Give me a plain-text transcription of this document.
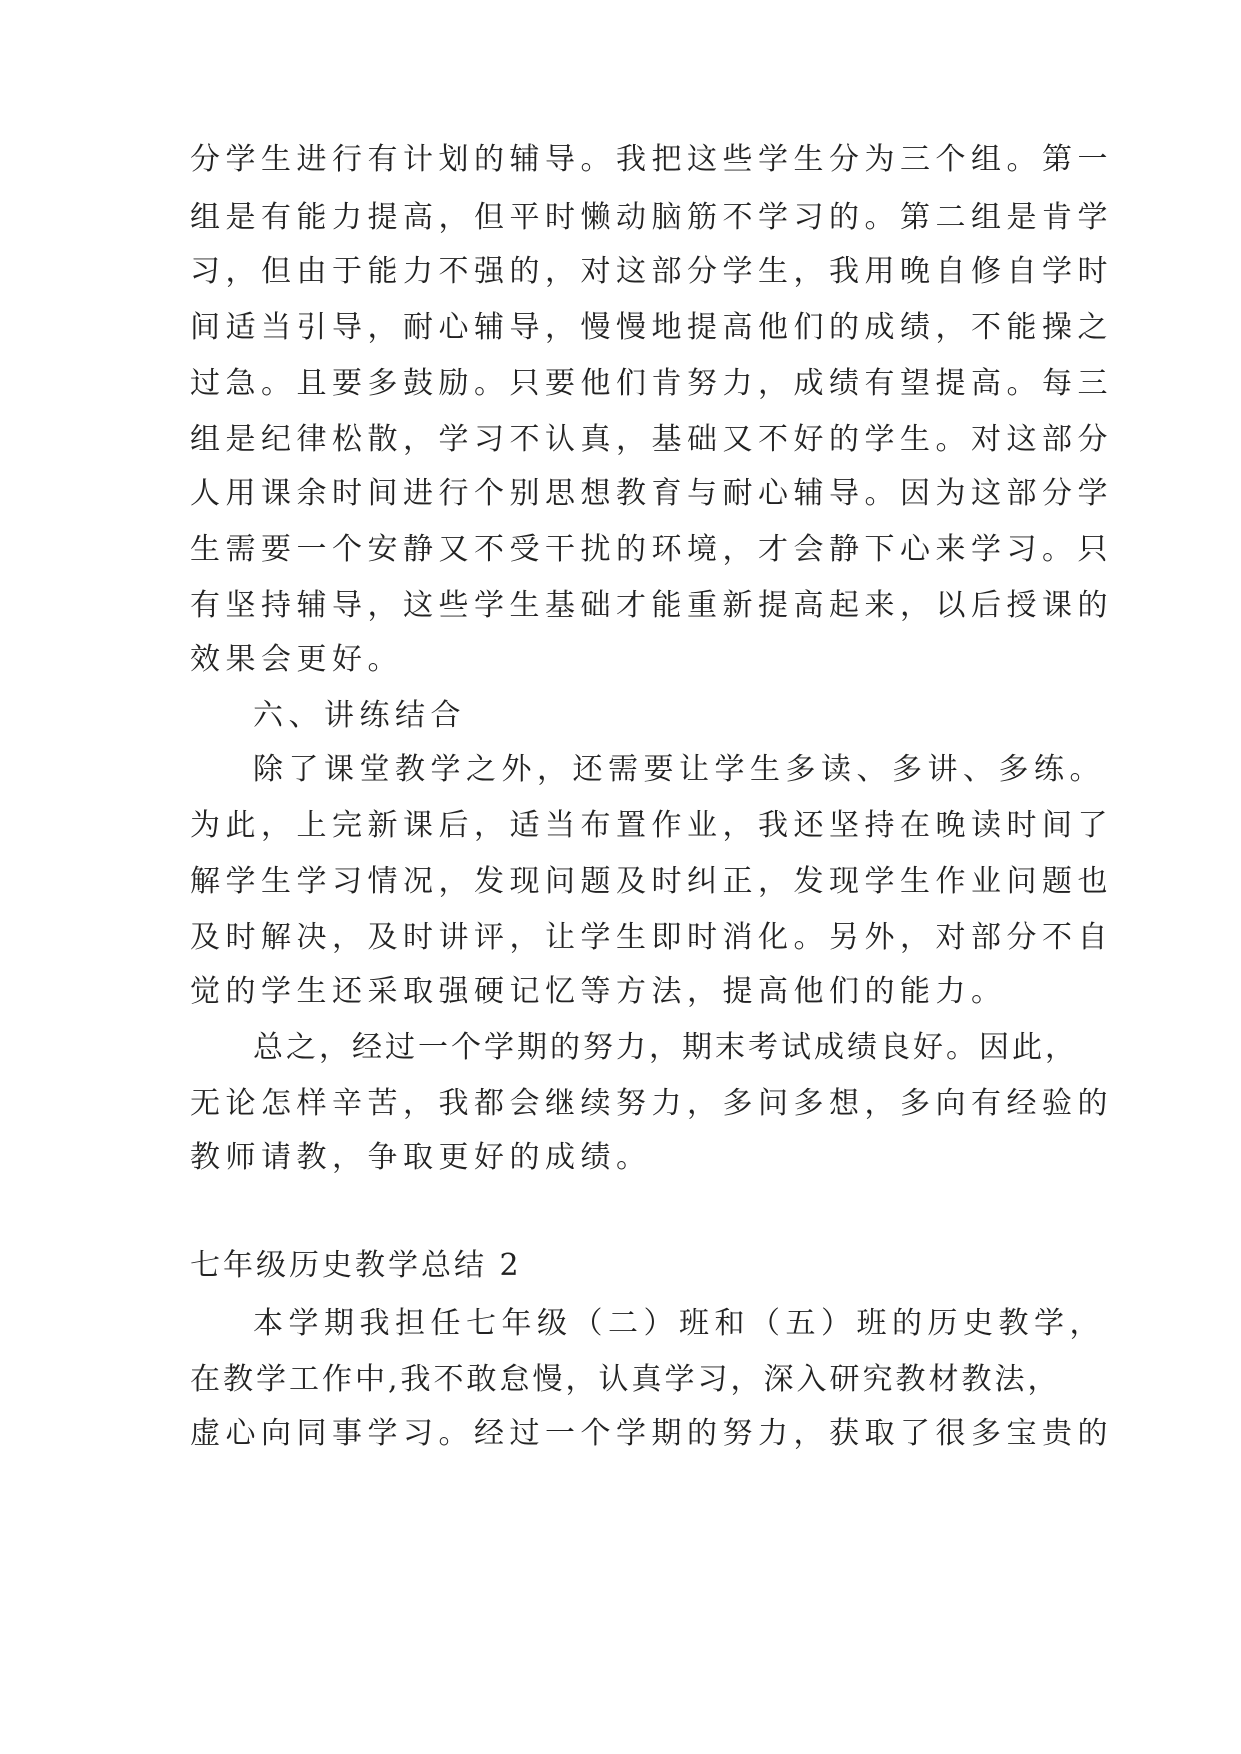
分学生进行有计划的辅导。我把这些学生分为三个组。第一
组是有能力提高，但平时懒动脑筋不学习的。第二组是肯学
习，但由于能力不强的，对这部分学生，我用晚自修自学时
间适当引导，耐心辅导，慢慢地提高他们的成绩，不能操之
过急。且要多鼓励。只要他们肯努力，成绩有望提高。每三
组是纪律松散，学习不认真，基础又不好的学生。对这部分
人用课余时间进行个别思想教育与耐心辅导。因为这部分学
生需要一个安静又不受干扰的环境，才会静下心来学习。只
有坚持辅导，这些学生基础才能重新提高起来，以后授课的
效果会更好。
六、讲练结合
除了课堂教学之外，还需要让学生多读、多讲、多练。
为此，上完新课后，适当布置作业，我还坚持在晚读时间了
解学生学习情况，发现问题及时纠正，发现学生作业问题也
及时解决，及时讲评，让学生即时消化。另外，对部分不自
觉的学生还采取强硬记忆等方法，提高他们的能力。
总之，经过一个学期的努力，期末考试成绩良好。因此，
无论怎样辛苦，我都会继续努力，多问多想，多向有经验的
教师请教，争取更好的成绩。
七年级历史教学总结 2
本学期我担任七年级（二）班和（五）班的历史教学，
在教学工作中,我不敢怠慢，认真学习，深入研究教材教法，
虚心向同事学习。经过一个学期的努力，获取了很多宝贵的
